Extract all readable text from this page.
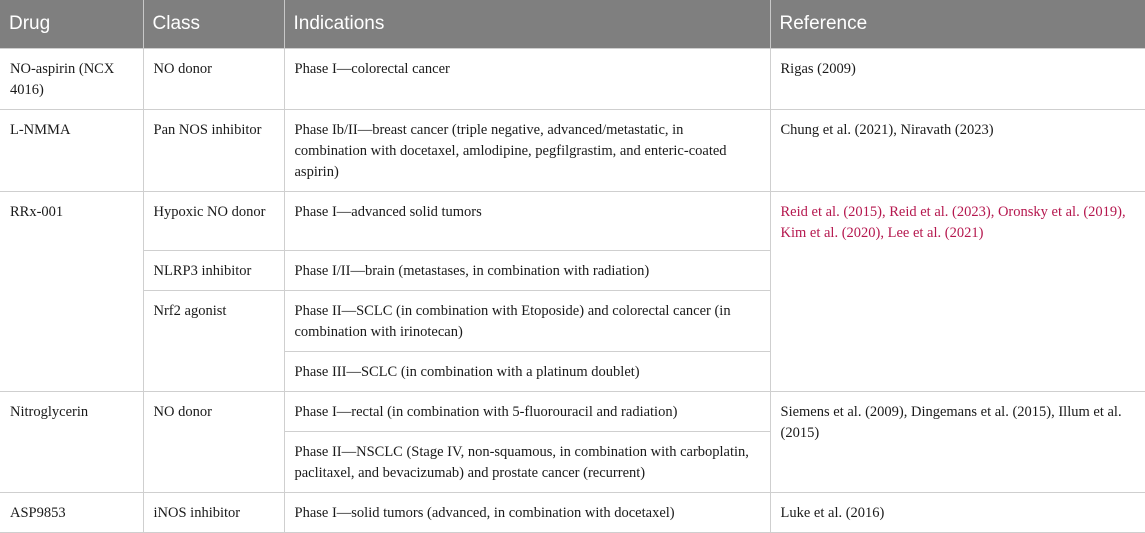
Drug	Class	Indications	Reference
NO-aspirin (NCX 4016)	NO donor	Phase I—colorectal cancer	Rigas (2009)
L-NMMA	Pan NOS inhibitor	Phase Ib/II—breast cancer (triple negative, advanced/metastatic, in combination with docetaxel, amlodipine, pegfilgrastim, and enteric-coated aspirin)	Chung et al. (2021), Niravath (2023)
RRx-001	Hypoxic NO donor	Phase I—advanced solid tumors	Reid et al. (2015), Reid et al. (2023), Oronsky et al. (2019), Kim et al. (2020), Lee et al. (2021)
	NLRP3 inhibitor	Phase I/II—brain (metastases, in combination with radiation)	
	Nrf2 agonist	Phase II—SCLC (in combination with Etoposide) and colorectal cancer (in combination with irinotecan)	
		Phase III—SCLC (in combination with a platinum doublet)	
Nitroglycerin	NO donor	Phase I—rectal (in combination with 5-fluorouracil and radiation)	Siemens et al. (2009), Dingemans et al. (2015), Illum et al. (2015)
		Phase II—NSCLC (Stage IV, non-squamous, in combination with carboplatin, paclitaxel, and bevacizumab) and prostate cancer (recurrent)	
ASP9853	iNOS inhibitor	Phase I—solid tumors (advanced, in combination with docetaxel)	Luke et al. (2016)
